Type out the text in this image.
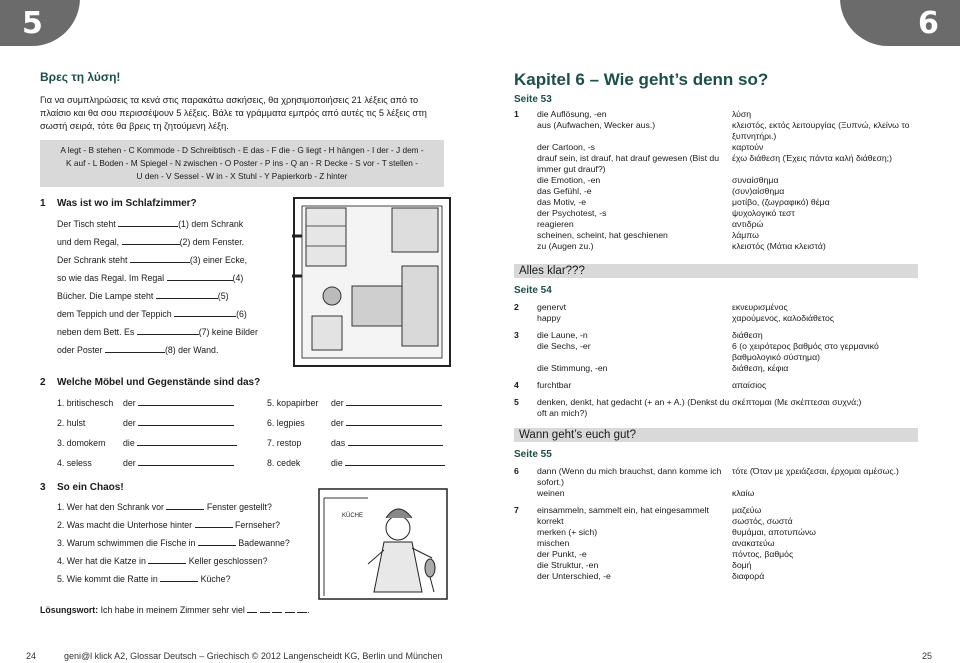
5	6
Βρες τη λύση!
Για να συμπληρώσεις τα κενά στις παρακάτω ασκήσεις, θα χρησιμοποιήσεις 21 λέξεις από το πλαίσιο και θα σου περισσέψουν 5 λέξεις. Βάλε τα γράμματα εμπρός από αυτές τις 5 λέξεις στη σωστή σειρά, τότε θα βρεις τη ζητούμενη λέξη.
A legt - B stehen - C Kommode - D Schreibtisch - E das - F die - G liegt - H hängen - I der - J dem -
K auf - L Boden - M Spiegel - N zwischen - O Poster - P ins - Q an - R Decke - S vor - T stellen -
U den - V Sessel - W in - X Stuhl - Y Papierkorb - Z hinter
1 Was ist wo im Schlafzimmer?
Der Tisch steht	(1) dem Schrank
und dem Regal,	(2) dem Fenster.
Der Schrank steht	(3) einer Ecke,
so wie das Regal. Im Regal	(4)
Bücher. Die Lampe steht	(5)
dem Teppich und der Teppich	(6)
neben dem Bett. Es	(7) keine Bilder
oder Poster	(8) der Wand.
2 Welche Möbel und Gegenstände sind das?
1. britischesch der
2. hulst	der
3. domokem die
4. seless	der
5. kopapirber der
6. legpies	der
7. restop	das
8. cedek	die
3 So ein Chaos!
1. Wer hat den Schrank vor	Fenster gestellt?
2. Was macht die Unterhose hinter	Fernseher?
3. Warum schwimmen die Fische in	Badewanne?
4. Wer hat die Katze in	Keller geschlossen?
5. Wie kommt die Ratte in	Küche?
KÜCHE
Lösungswort: Ich habe in meinem Zimmer sehr viel	.
24	geni@l klick A2, Glossar Deutsch – Griechisch © 2012 Langenscheidt KG, Berlin und München	25
Kapitel 6 – Wie geht’s denn so?
Seite 53
1	die Auflösung, -en	λύση
	aus (Aufwachen, Wecker aus.)	κλειστός, εκτός λειτουργίας (Ξυπνώ, κλείνω το ξυπνητήρι.)
	der Cartoon, -s	καρτούν
	drauf sein, ist drauf, hat drauf gewesen (Bist du immer gut drauf?)	έχω διάθεση (Έχεις πάντα καλή διάθεση;)
	die Emotion, -en	συναίσθημα
	das Gefühl, -e	(συν)αίσθημα
	das Motiv, -e	μοτίβο, (ζωγραφικό) θέμα
	der Psychotest, -s	ψυχολογικό τεστ
	reagieren	αντιδρώ
	scheinen, scheint, hat geschienen	λάμπω
	zu (Augen zu.)	κλειστός (Μάτια κλειστά)
Alles klar???
Seite 54
2	genervt	εκνευρισμένος
	happy	χαρούμενος, καλοδιάθετος
3	die Laune, -n	διάθεση
	die Sechs, -er	6 (ο χειρότερος βαθμός στο γερμανικό βαθμολογικό σύστημα)
	die Stimmung, -en	διάθεση, κέφια
4	furchtbar	απαίσιος
5	denken, denkt, hat gedacht (+ an + A.) (Denkst du oft an mich?)	σκέπτομαι (Με σκέπτεσαι συχνά;)
Wann geht’s euch gut?
Seite 55
6	dann (Wenn du mich brauchst, dann komme ich sofort.)	τότε (Όταν με χρειάζεσαι, έρχομαι αμέσως.)
	weinen	κλαίω
7	einsammeln, sammelt ein, hat eingesammelt	μαζεύω
	korrekt	σωστός, σωστά
	merken (+ sich)	θυμάμαι, αποτυπώνω
	mischen	ανακατεύω
	der Punkt, -e	πόντος, βαθμός
	die Struktur, -en	δομή
	der Unterschied, -e	διαφορά
